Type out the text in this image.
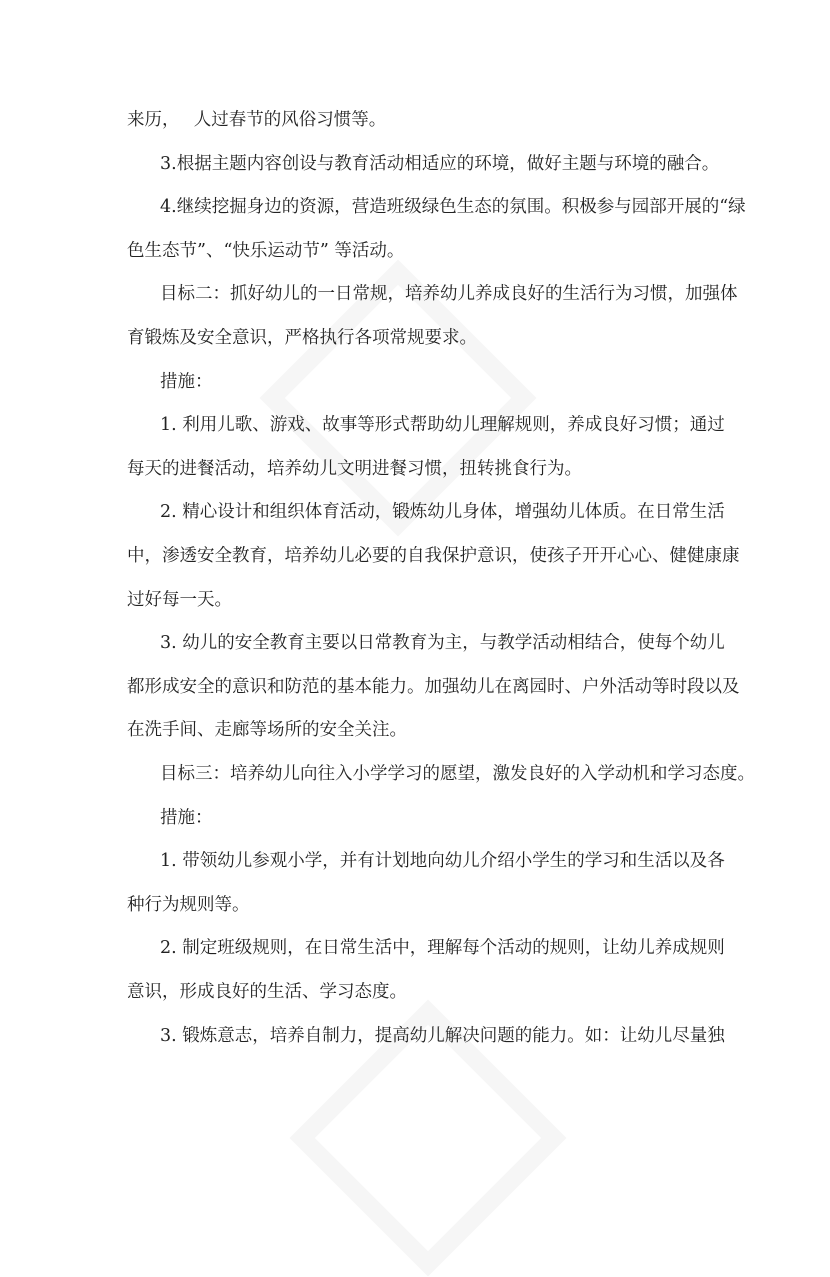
来历，　 人过春节的风俗习惯等。
3.根据主题内容创设与教育活动相适应的环境，做好主题与环境的融合。
4.继续挖掘身边的资源，营造班级绿色生态的氛围。积极参与园部开展的“绿
色生态节”、“快乐运动节” 等活动。
目标二：抓好幼儿的一日常规，培养幼儿养成良好的生活行为习惯，加强体
育锻炼及安全意识，严格执行各项常规要求。
措施：
1. 利用儿歌、游戏、故事等形式帮助幼儿理解规则，养成良好习惯；通过
每天的进餐活动，培养幼儿文明进餐习惯，扭转挑食行为。
2. 精心设计和组织体育活动，锻炼幼儿身体，增强幼儿体质。在日常生活
中，渗透安全教育，培养幼儿必要的自我保护意识，使孩子开开心心、健健康康
过好每一天。
3. 幼儿的安全教育主要以日常教育为主，与教学活动相结合，使每个幼儿
都形成安全的意识和防范的基本能力。加强幼儿在离园时、户外活动等时段以及
在洗手间、走廊等场所的安全关注。
目标三：培养幼儿向往入小学学习的愿望，激发良好的入学动机和学习态度。
措施：
1. 带领幼儿参观小学，并有计划地向幼儿介绍小学生的学习和生活以及各
种行为规则等。
2. 制定班级规则，在日常生活中，理解每个活动的规则，让幼儿养成规则
意识，形成良好的生活、学习态度。
3. 锻炼意志，培养自制力，提高幼儿解决问题的能力。如：让幼儿尽量独
